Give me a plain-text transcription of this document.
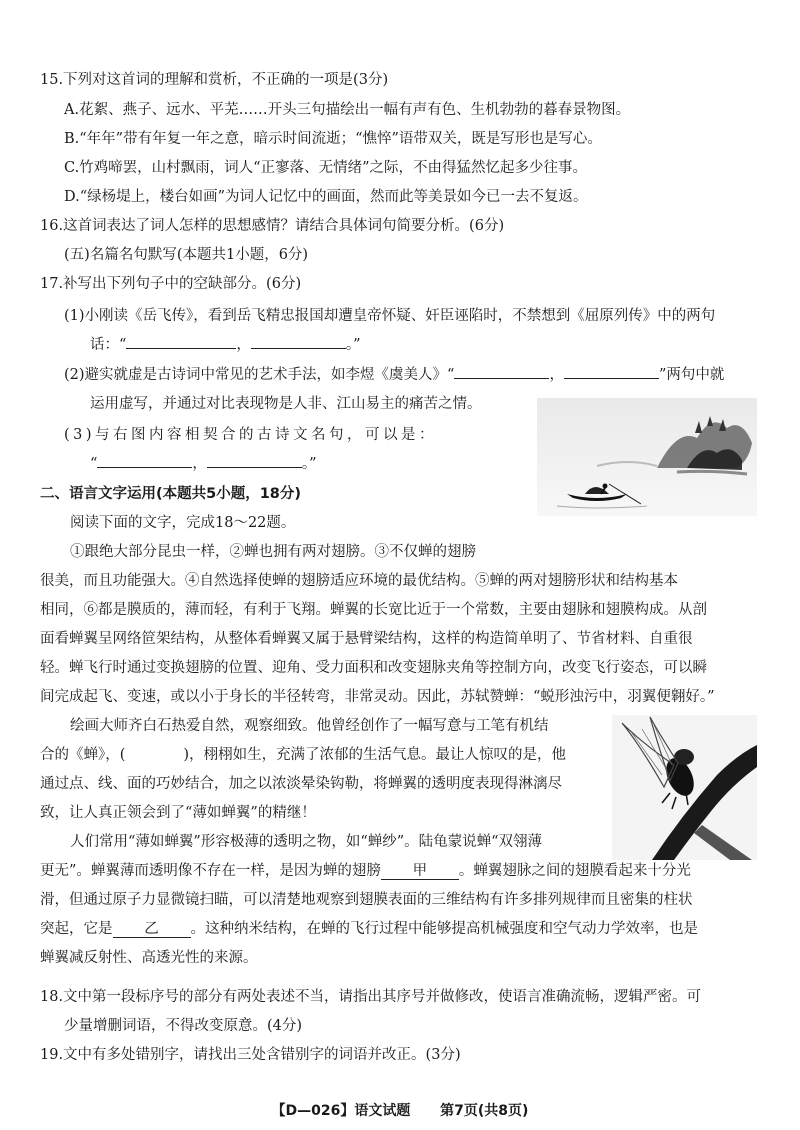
15.下列对这首词的理解和赏析，不正确的一项是(3分)
A.花絮、燕子、远水、平芜……开头三句描绘出一幅有声有色、生机勃勃的暮春景物图。
B.“年年”带有年复一年之意，暗示时间流逝；“憔悴”语带双关，既是写形也是写心。
C.竹鸡啼罢，山村飘雨，词人“正寥落、无情绪”之际，不由得猛然忆起多少往事。
D.“绿杨堤上，楼台如画”为词人记忆中的画面，然而此等美景如今已一去不复返。
16.这首词表达了词人怎样的思想感情？请结合具体词句简要分析。(6分)
(五)名篇名句默写(本题共1小题，6分)
17.补写出下列句子中的空缺部分。(6分)
(1)小刚读《岳飞传》，看到岳飞精忠报国却遭皇帝怀疑、奸臣诬陷时，不禁想到《屈原列传》中的两句
话：“	，	。”
(2)避实就虚是古诗词中常见的艺术手法，如李煜《虞美人》“	，	”两句中就
运用虚写，并通过对比表现物是人非、江山易主的痛苦之情。
(3)与右图内容相契合的古诗文名句，可以是：
“	，	。”
二、语言文字运用(本题共5小题，18分)
阅读下面的文字，完成18～22题。
①跟绝大部分昆虫一样，②蝉也拥有两对翅膀。③不仅蝉的翅膀
很美，而且功能强大。④自然选择使蝉的翅膀适应环境的最优结构。⑤蝉的两对翅膀形状和结构基本
相同，⑥都是膜质的，薄而轻，有利于飞翔。蝉翼的长宽比近于一个常数，主要由翅脉和翅膜构成。从剖
面看蝉翼呈网络笸架结构，从整体看蝉翼又属于悬臂梁结构，这样的构造简单明了、节省材料、自重很
轻。蝉飞行时通过变换翅膀的位置、迎角、受力面积和改变翅脉夹角等控制方向，改变飞行姿态，可以瞬
间完成起飞、变速，或以小于身长的半径转弯，非常灵动。因此，苏轼赞蝉：“蜕形浊污中，羽翼便翱好。”
绘画大师齐白石热爱自然，观察细致。他曾经创作了一幅写意与工笔有机结
合的《蝉》，(　　　　)，栩栩如生，充满了浓郁的生活气息。最让人惊叹的是，他
通过点、线、面的巧妙结合，加之以浓淡晕染钩勒，将蝉翼的透明度表现得淋漓尽
致，让人真正领会到了“薄如蝉翼”的精继！
人们常用“薄如蝉翼”形容极薄的透明之物，如“蝉纱”。陆龟蒙说蝉“双翎薄
更无”。蝉翼薄而透明像不存在一样，是因为蝉的翅膀 甲 。蝉翼翅脉之间的翅膜看起来十分光
滑，但通过原子力显微镜扫瞄，可以清楚地观察到翅膜表面的三维结构有许多排列规律而且密集的柱状
突起，它是 乙 。这种纳米结构，在蝉的飞行过程中能够提高机械强度和空气动力学效率，也是
蝉翼减反射性、高透光性的来源。
18.文中第一段标序号的部分有两处表述不当，请指出其序号并做修改，使语言准确流畅，逻辑严密。可
少量增删词语，不得改变原意。(4分)
19.文中有多处错别字，请找出三处含错别字的词语并改正。(3分)
【D—026】语文试题 第7页(共8页)
